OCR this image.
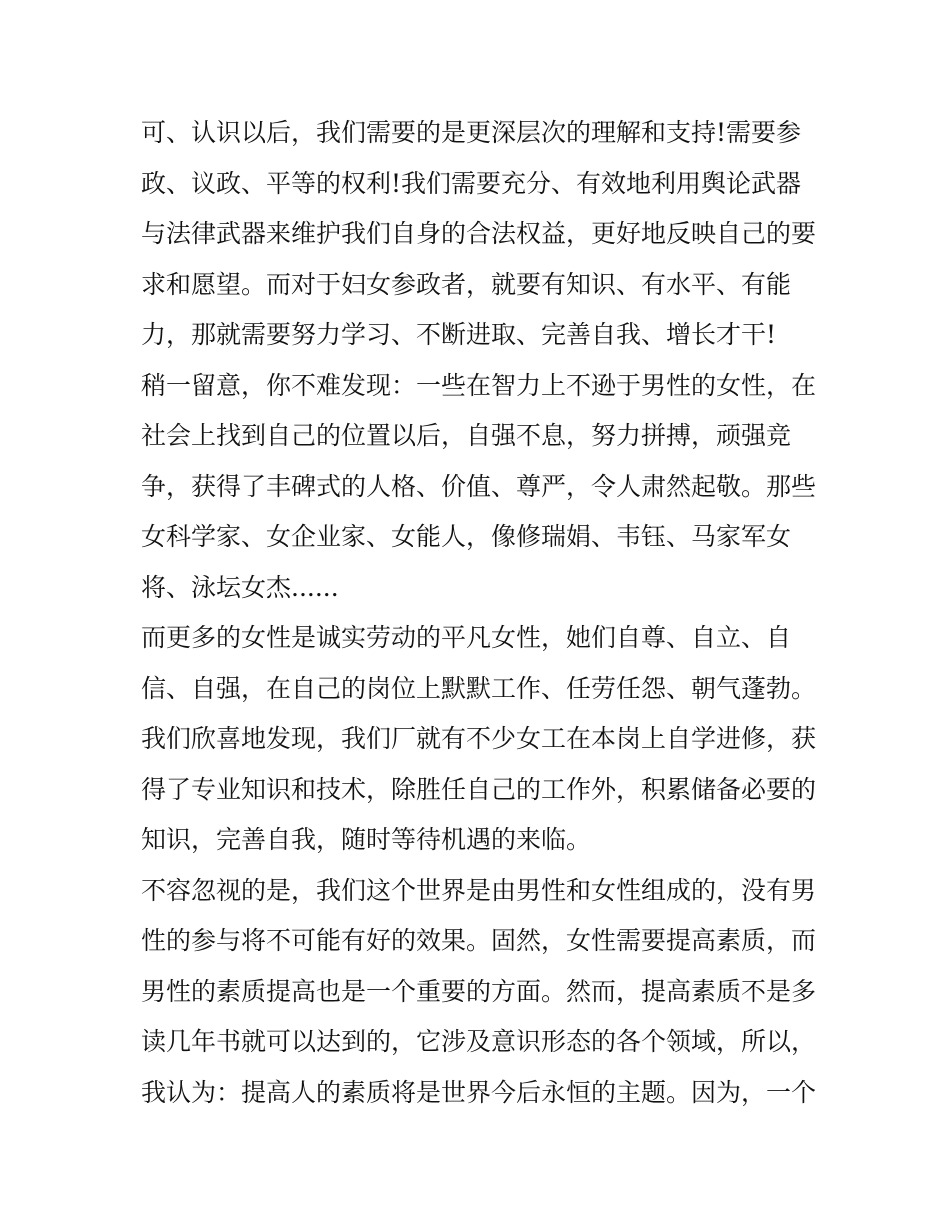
可、认识以后，我们需要的是更深层次的理解和支持!需要参
政、议政、平等的权利!我们需要充分、有效地利用舆论武器
与法律武器来维护我们自身的合法权益，更好地反映自己的要
求和愿望。而对于妇女参政者，就要有知识、有水平、有能
力，那就需要努力学习、不断进取、完善自我、增长才干!
稍一留意，你不难发现：一些在智力上不逊于男性的女性，在
社会上找到自己的位置以后，自强不息，努力拼搏，顽强竞
争，获得了丰碑式的人格、价值、尊严，令人肃然起敬。那些
女科学家、女企业家、女能人，像修瑞娟、韦钰、马家军女
将、泳坛女杰......
而更多的女性是诚实劳动的平凡女性，她们自尊、自立、自
信、自强，在自己的岗位上默默工作、任劳任怨、朝气蓬勃。
我们欣喜地发现，我们厂就有不少女工在本岗上自学进修，获
得了专业知识和技术，除胜任自己的工作外，积累储备必要的
知识，完善自我，随时等待机遇的来临。
不容忽视的是，我们这个世界是由男性和女性组成的，没有男
性的参与将不可能有好的效果。固然，女性需要提高素质，而
男性的素质提高也是一个重要的方面。然而，提高素质不是多
读几年书就可以达到的，它涉及意识形态的各个领域，所以，
我认为：提高人的素质将是世界今后永恒的主题。因为，一个
